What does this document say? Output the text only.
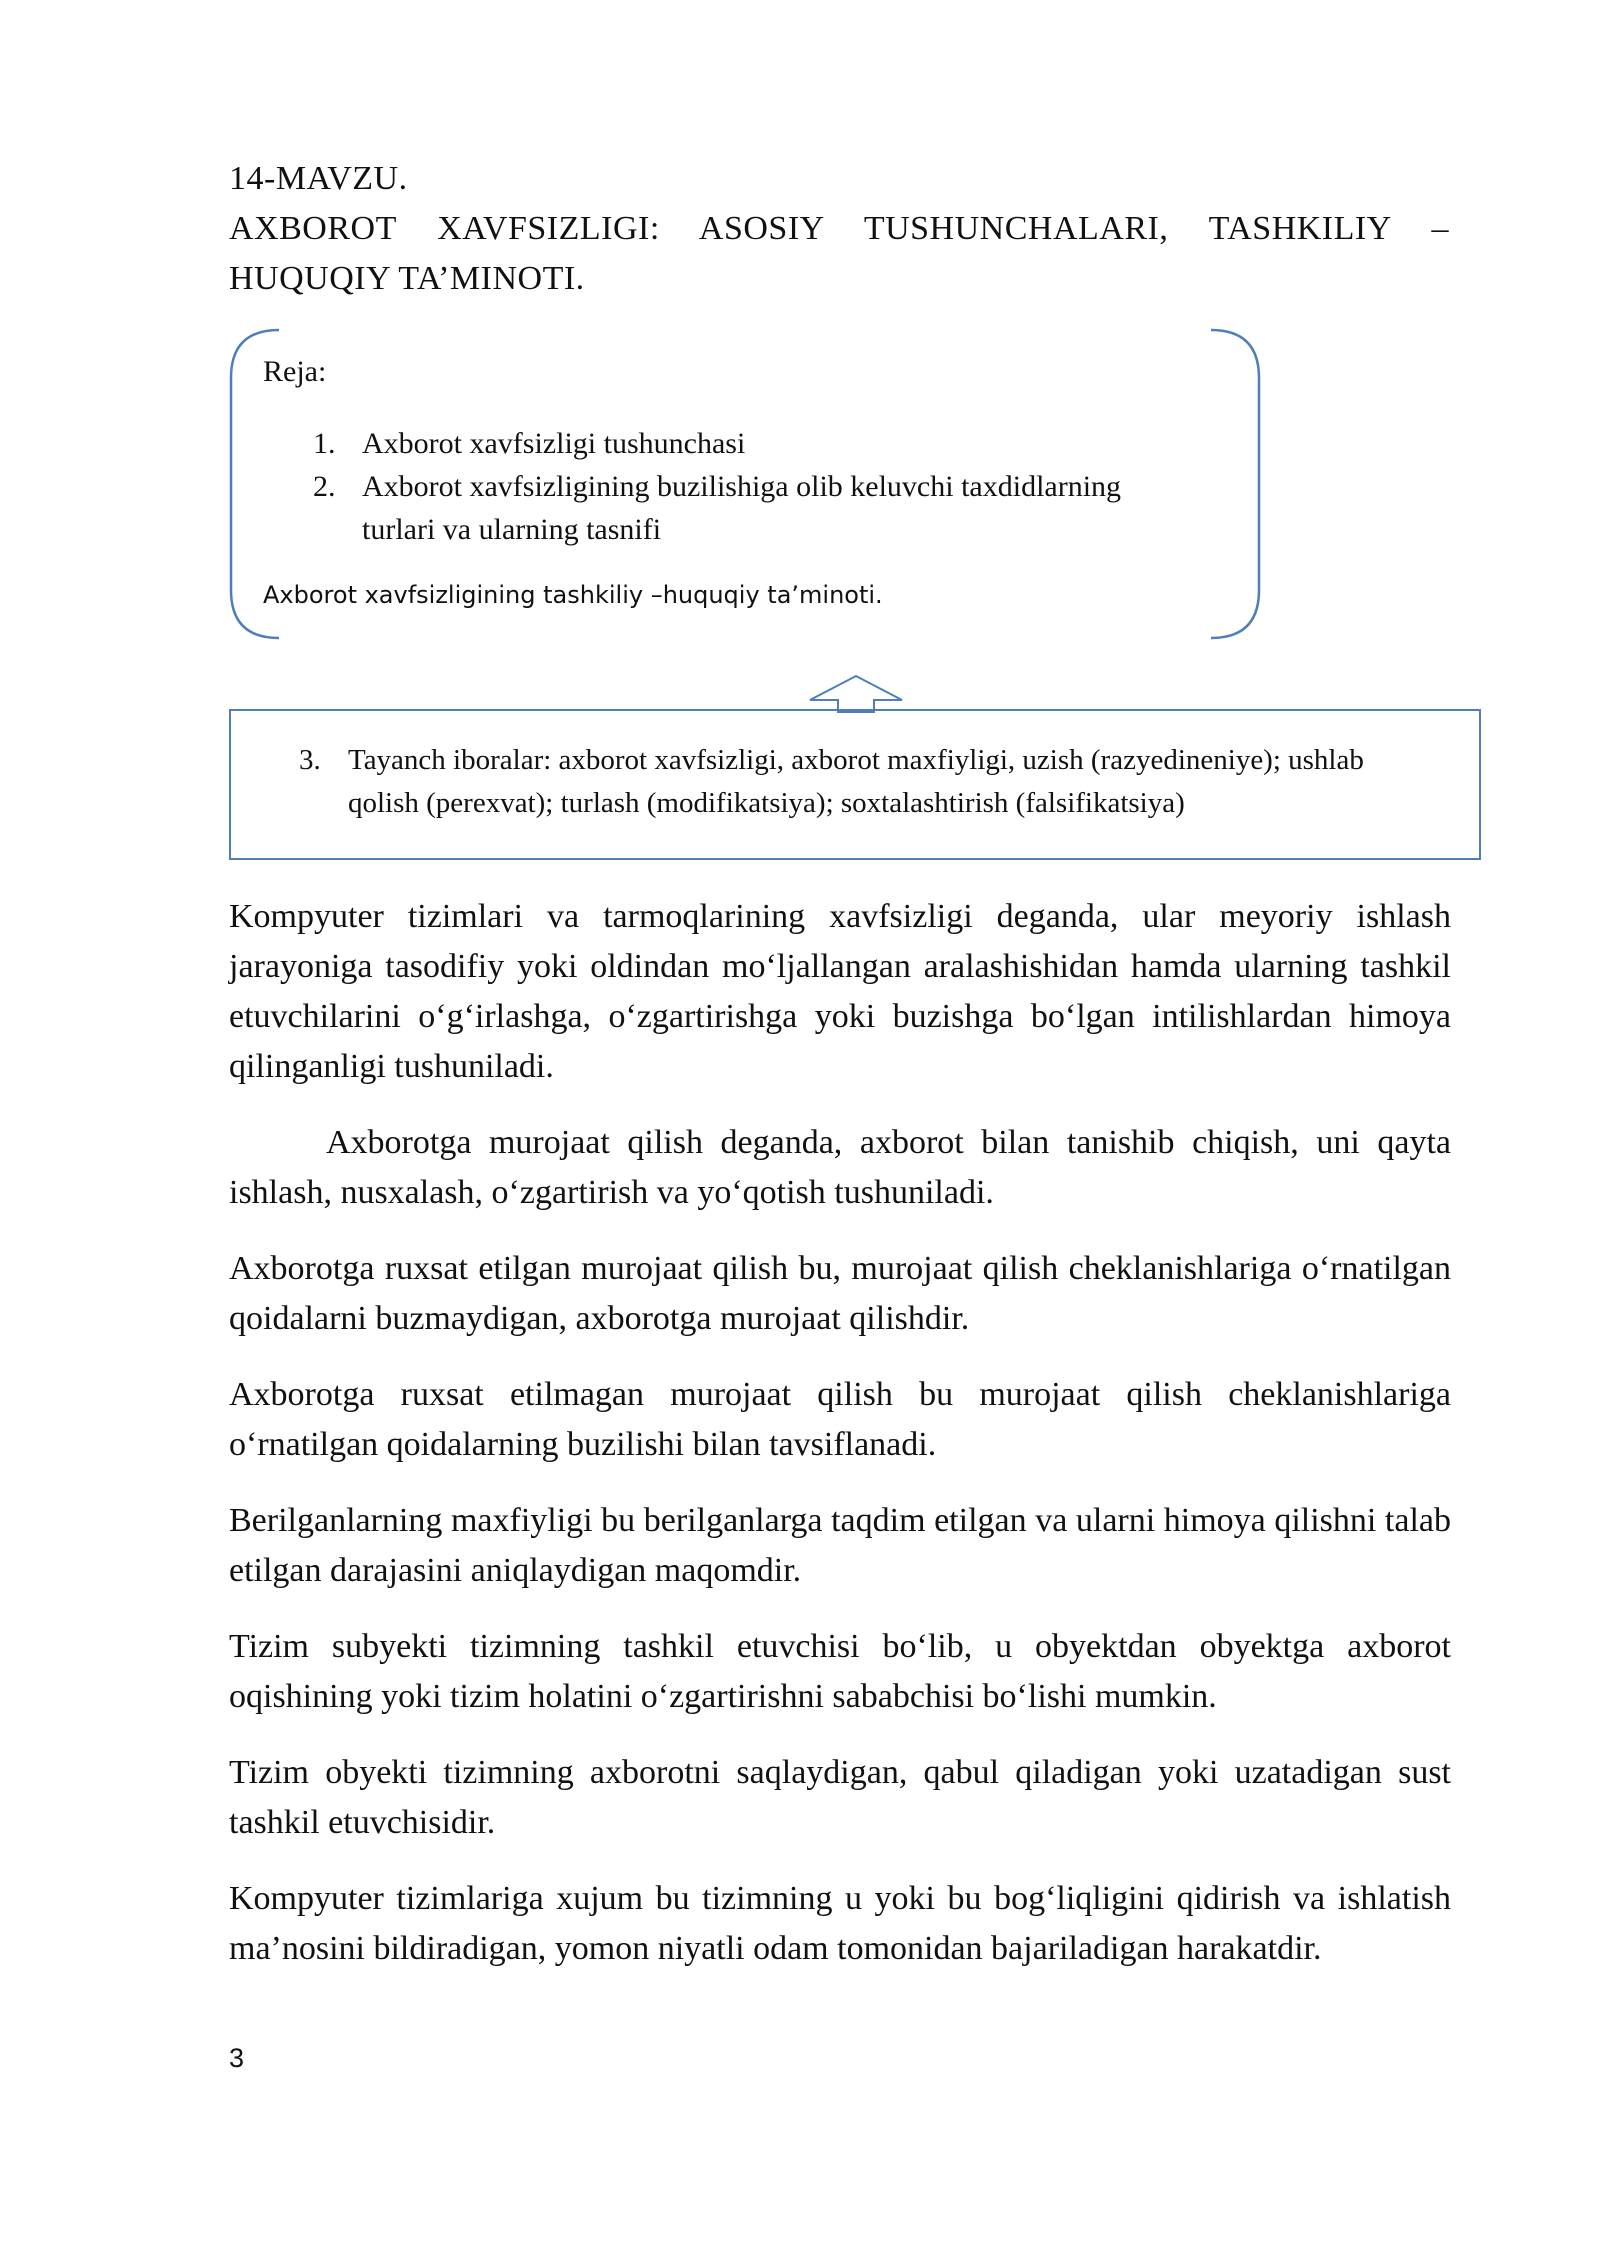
14-MAVZU.
AXBOROT XAVFSIZLIGI: ASOSIY TUSHUNCHALARI, TASHKILIY –
HUQUQIY TA’MINOTI.
Reja:
1. Axborot xavfsizligi tushunchasi
2. Axborot xavfsizligining buzilishiga olib keluvchi taxdidlarning turlari va ularning tasnifi
Axborot xavfsizligining tashkiliy –huquqiy ta’minoti.
3. Tayanch iboralar: axborot xavfsizligi, axborot maxfiyligi, uzish (razyedineniye); ushlab qolish (perexvat); turlash (modifikatsiya); soxtalashtirish (falsifikatsiya)

Kompyuter tizimlari va tarmoqlarining xavfsizligi deganda, ular meyoriy ishlash jarayoniga tasodifiy yoki oldindan mo‘ljallangan aralashishidan hamda ularning tashkil etuvchilarini o‘g‘irlashga, o‘zgartirishga yoki buzishga bo‘lgan intilishlardan himoya qilinganligi tushuniladi.

Axborotga murojaat qilish deganda, axborot bilan tanishib chiqish, uni qayta ishlash, nusxalash, o‘zgartirish va yo‘qotish tushuniladi.

Axborotga ruxsat etilgan murojaat qilish bu, murojaat qilish cheklanishlariga o‘rnatilgan qoidalarni buzmaydigan, axborotga murojaat qilishdir.

Axborotga ruxsat etilmagan murojaat qilish bu murojaat qilish cheklanishlariga o‘rnatilgan qoidalarning buzilishi bilan tavsiflanadi.

Berilganlarning maxfiyligi bu berilganlarga taqdim etilgan va ularni himoya qilishni talab etilgan darajasini aniqlaydigan maqomdir.

Tizim subyekti tizimning tashkil etuvchisi bo‘lib, u obyektdan obyektga axborot oqishining yoki tizim holatini o‘zgartirishni sababchisi bo‘lishi mumkin.

Tizim obyekti tizimning axborotni saqlaydigan, qabul qiladigan yoki uzatadigan sust tashkil etuvchisidir.

Kompyuter tizimlariga xujum bu tizimning u yoki bu bog‘liqligini qidirish va ishlatish ma’nosini bildiradigan, yomon niyatli odam tomonidan bajariladigan harakatdir.

3
